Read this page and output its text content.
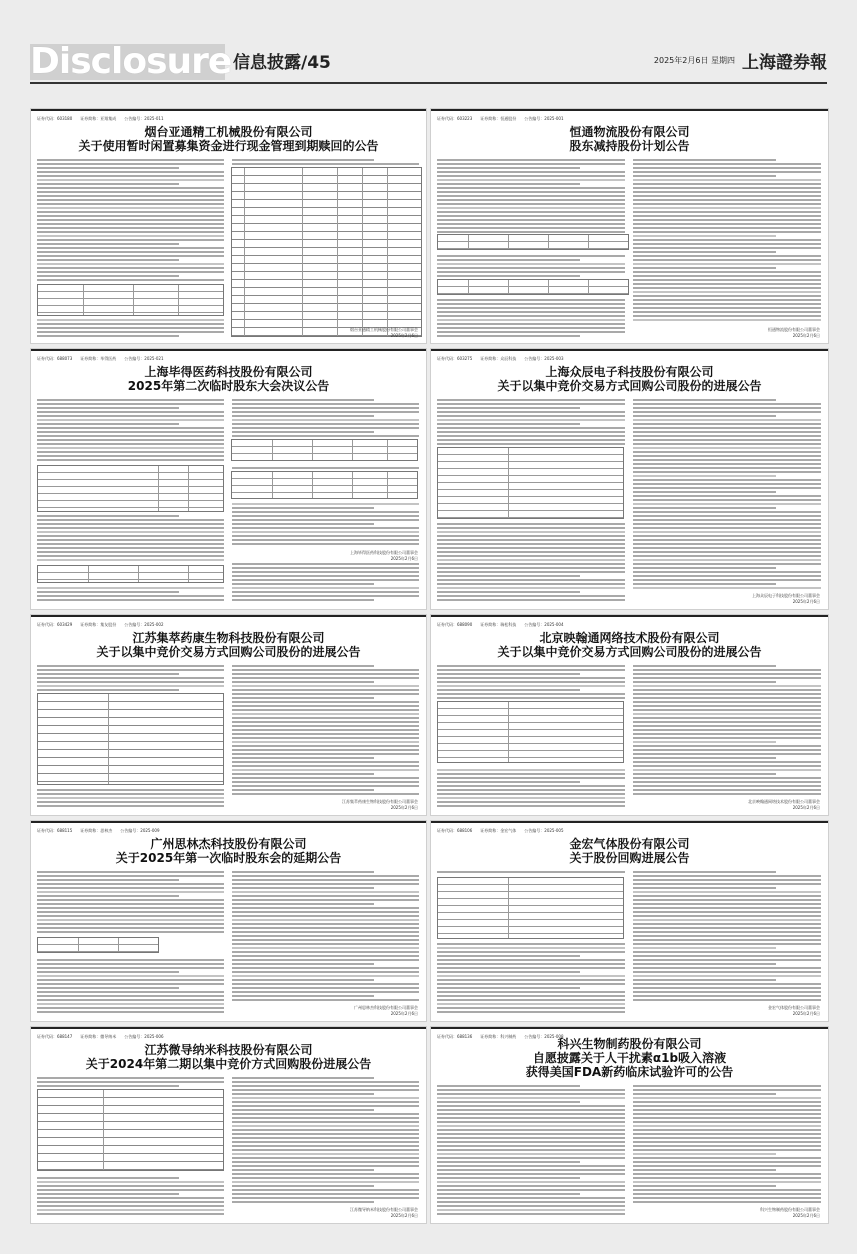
Disclosure 信息披露/45	2025年2月6日 星期四 上海證券報
证券代码：603180　　证券简称：亚翔集成　　公告编号：2025-011
烟台亚通精工机械股份有限公司
关于使用暂时闲置募集资金进行现金管理到期赎回的公告
烟台亚通精工机械股份有限公司董事会
2025年2月6日
证券代码：603223　　证券简称：恒通股份　　公告编号：2025-001
恒通物流股份有限公司
股东减持股份计划公告
恒通物流股份有限公司董事会
2025年2月6日
证券代码：688073　　证券简称：毕得医药　　公告编号：2025-021
上海毕得医药科技股份有限公司
2025年第二次临时股东大会决议公告
上海毕得医药科技股份有限公司董事会
2025年2月6日
证券代码：603275　　证券简称：众辰科技　　公告编号：2025-003
上海众辰电子科技股份有限公司
关于以集中竞价交易方式回购公司股份的进展公告
上海众辰电子科技股份有限公司董事会
2025年2月6日
证券代码：603429　　证券简称：集友股份　　公告编号：2025-002
江苏集萃药康生物科技股份有限公司
关于以集中竞价交易方式回购公司股份的进展公告
江苏集萃药康生物科技股份有限公司董事会
2025年2月6日
证券代码：688090　　证券简称：瑞松科技　　公告编号：2025-004
北京映翰通网络技术股份有限公司
关于以集中竞价交易方式回购公司股份的进展公告
北京映翰通网络技术股份有限公司董事会
2025年2月6日
证券代码：688115　　证券简称：思林杰　　公告编号：2025-009
广州思林杰科技股份有限公司
关于2025年第一次临时股东会的延期公告
广州思林杰科技股份有限公司董事会
2025年2月6日
证券代码：688106　　证券简称：金宏气体　　公告编号：2025-005
金宏气体股份有限公司
关于股份回购进展公告
金宏气体股份有限公司董事会
2025年2月6日
证券代码：688147　　证券简称：微导纳米　　公告编号：2025-006
江苏微导纳米科技股份有限公司
关于2024年第二期以集中竞价方式回购股份进展公告
江苏微导纳米科技股份有限公司董事会
2025年2月6日
证券代码：688136　　证券简称：科兴制药　　公告编号：2025-008
科兴生物制药股份有限公司
自愿披露关于人干扰素α1b吸入溶液
获得美国FDA新药临床试验许可的公告
科兴生物制药股份有限公司董事会
2025年2月6日
